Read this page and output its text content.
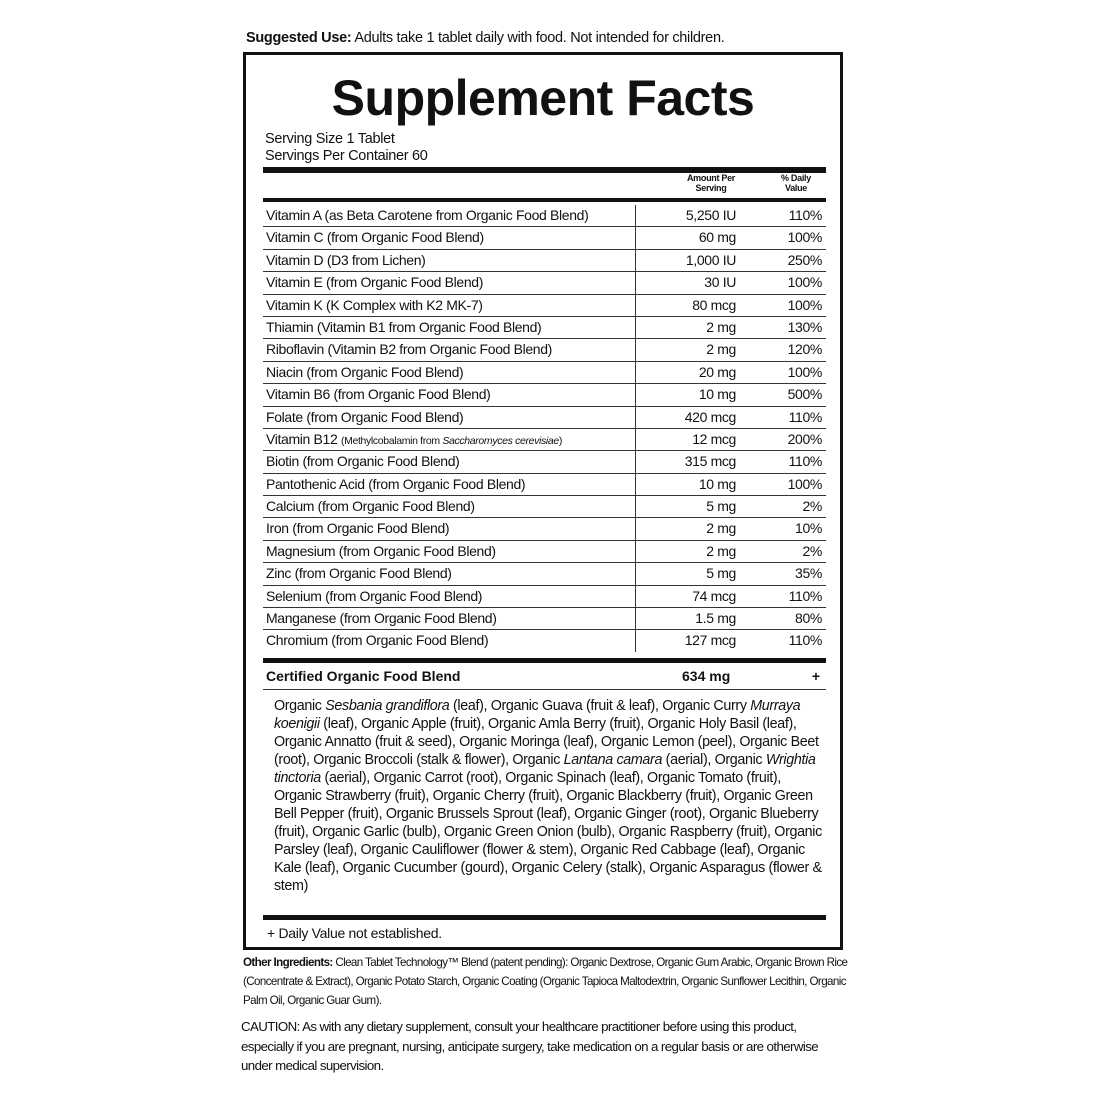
Suggested Use: Adults take 1 tablet daily with food. Not intended for children.
Supplement Facts
Serving Size 1 Tablet
Servings Per Container 60
Amount Per Serving
% Daily Value
Vitamin A (as Beta Carotene from Organic Food Blend)	5,250 IU	110%
Vitamin C (from Organic Food Blend)	60 mg	100%
Vitamin D (D3 from Lichen)	1,000 IU	250%
Vitamin E (from Organic Food Blend)	30 IU	100%
Vitamin K (K Complex with K2 MK-7)	80 mcg	100%
Thiamin (Vitamin B1 from Organic Food Blend)	2 mg	130%
Riboflavin (Vitamin B2 from Organic Food Blend)	2 mg	120%
Niacin (from Organic Food Blend)	20 mg	100%
Vitamin B6 (from Organic Food Blend)	10 mg	500%
Folate (from Organic Food Blend)	420 mcg	110%
Vitamin B12 (Methylcobalamin from Saccharomyces cerevisiae)	12 mcg	200%
Biotin (from Organic Food Blend)	315 mcg	110%
Pantothenic Acid (from Organic Food Blend)	10 mg	100%
Calcium (from Organic Food Blend)	5 mg	2%
Iron (from Organic Food Blend)	2 mg	10%
Magnesium (from Organic Food Blend)	2 mg	2%
Zinc (from Organic Food Blend)	5 mg	35%
Selenium (from Organic Food Blend)	74 mcg	110%
Manganese (from Organic Food Blend)	1.5 mg	80%
Chromium (from Organic Food Blend)	127 mcg	110%
Certified Organic Food Blend	634 mg	+
Organic Sesbania grandiflora (leaf), Organic Guava (fruit & leaf), Organic Curry Murraya koenigii (leaf), Organic Apple (fruit), Organic Amla Berry (fruit), Organic Holy Basil (leaf), Organic Annatto (fruit & seed), Organic Moringa (leaf), Organic Lemon (peel), Organic Beet (root), Organic Broccoli (stalk & flower), Organic Lantana camara (aerial), Organic Wrightia tinctoria (aerial), Organic Carrot (root), Organic Spinach (leaf), Organic Tomato (fruit), Organic Strawberry (fruit), Organic Cherry (fruit), Organic Blackberry (fruit), Organic Green Bell Pepper (fruit), Organic Brussels Sprout (leaf), Organic Ginger (root), Organic Blueberry (fruit), Organic Garlic (bulb), Organic Green Onion (bulb), Organic Raspberry (fruit), Organic Parsley (leaf), Organic Cauliflower (flower & stem), Organic Red Cabbage (leaf), Organic Kale (leaf), Organic Cucumber (gourd), Organic Celery (stalk), Organic Asparagus (flower & stem)
+ Daily Value not established.
Other Ingredients: Clean Tablet Technology™ Blend (patent pending): Organic Dextrose, Organic Gum Arabic, Organic Brown Rice (Concentrate & Extract), Organic Potato Starch, Organic Coating (Organic Tapioca Maltodextrin, Organic Sunflower Lecithin, Organic Palm Oil, Organic Guar Gum).
CAUTION: As with any dietary supplement, consult your healthcare practitioner before using this product, especially if you are pregnant, nursing, anticipate surgery, take medication on a regular basis or are otherwise under medical supervision.
